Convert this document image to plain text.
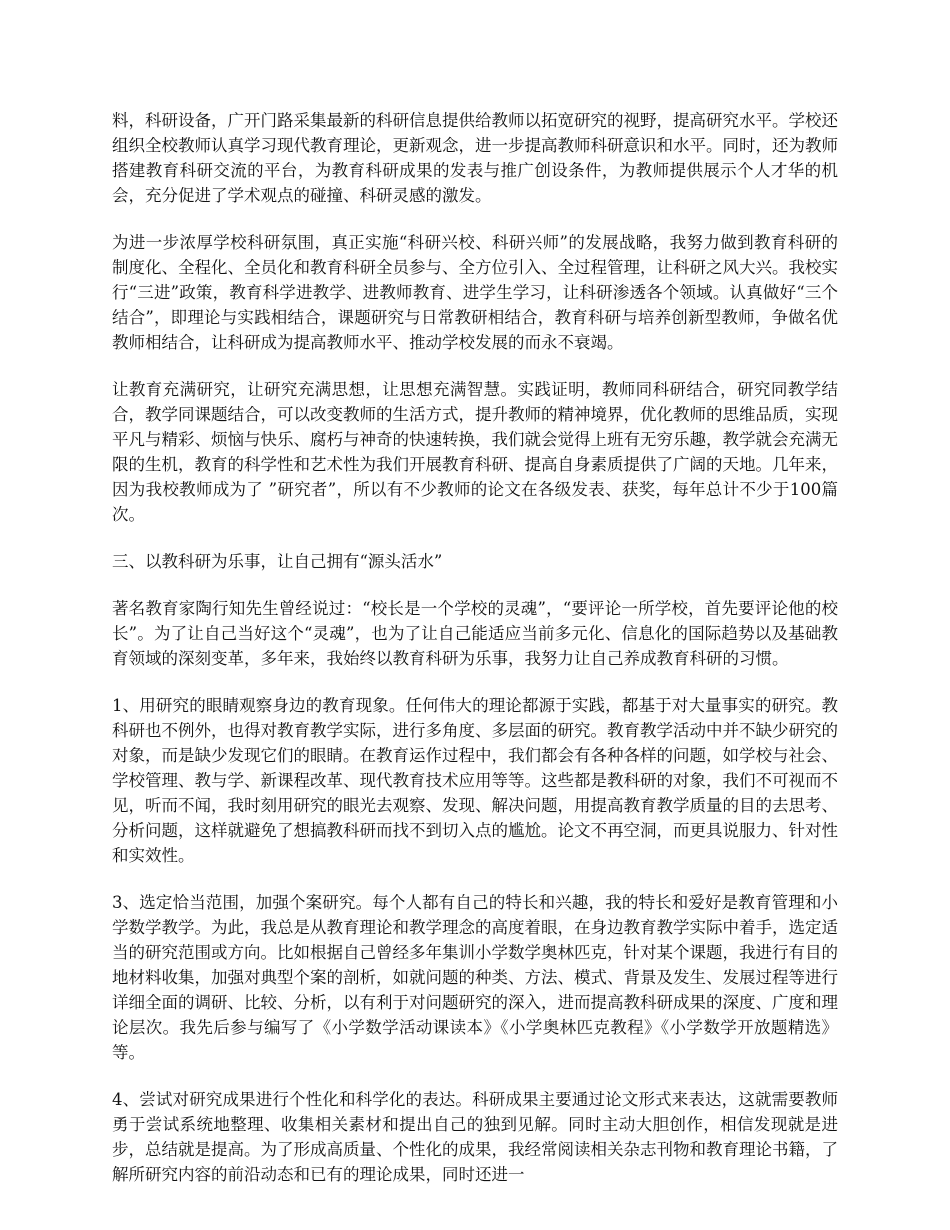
料，科研设备，广开门路采集最新的科研信息提供给教师以拓宽研究的视野，提高研究水平。学校还组织全校教师认真学习现代教育理论，更新观念，进一步提高教师科研意识和水平。同时，还为教师搭建教育科研交流的平台，为教育科研成果的发表与推广创设条件，为教师提供展示个人才华的机会，充分促进了学术观点的碰撞、科研灵感的激发。

为进一步浓厚学校科研氛围，真正实施“科研兴校、科研兴师”的发展战略，我努力做到教育科研的制度化、全程化、全员化和教育科研全员参与、全方位引入、全过程管理，让科研之风大兴。我校实行“三进”政策，教育科学进教学、进教师教育、进学生学习，让科研渗透各个领域。认真做好“三个结合”，即理论与实践相结合，课题研究与日常教研相结合，教育科研与培养创新型教师，争做名优教师相结合，让科研成为提高教师水平、推动学校发展的而永不衰竭。

让教育充满研究，让研究充满思想，让思想充满智慧。实践证明，教师同科研结合，研究同教学结合，教学同课题结合，可以改变教师的生活方式，提升教师的精神境界，优化教师的思维品质，实现平凡与精彩、烦恼与快乐、腐朽与神奇的快速转换，我们就会觉得上班有无穷乐趣，教学就会充满无限的生机，教育的科学性和艺术性为我们开展教育科研、提高自身素质提供了广阔的天地。几年来，因为我校教师成为了 ”研究者”，所以有不少教师的论文在各级发表、获奖，每年总计不少于100篇次。

三、以教科研为乐事，让自己拥有“源头活水”

著名教育家陶行知先生曾经说过：“校长是一个学校的灵魂”，“要评论一所学校，首先要评论他的校长”。为了让自己当好这个“灵魂”，也为了让自己能适应当前多元化、信息化的国际趋势以及基础教育领域的深刻变革，多年来，我始终以教育科研为乐事，我努力让自己养成教育科研的习惯。

1、用研究的眼睛观察身边的教育现象。任何伟大的理论都源于实践，都基于对大量事实的研究。教科研也不例外，也得对教育教学实际，进行多角度、多层面的研究。教育教学活动中并不缺少研究的对象，而是缺少发现它们的眼睛。在教育运作过程中，我们都会有各种各样的问题，如学校与社会、学校管理、教与学、新课程改革、现代教育技术应用等等。这些都是教科研的对象，我们不可视而不见，听而不闻，我时刻用研究的眼光去观察、发现、解决问题，用提高教育教学质量的目的去思考、分析问题，这样就避免了想搞教科研而找不到切入点的尴尬。论文不再空洞，而更具说服力、针对性和实效性。

3、选定恰当范围，加强个案研究。每个人都有自己的特长和兴趣，我的特长和爱好是教育管理和小学数学教学。为此，我总是从教育理论和教学理念的高度着眼，在身边教育教学实际中着手，选定适当的研究范围或方向。比如根据自己曾经多年集训小学数学奥林匹克，针对某个课题，我进行有目的地材料收集，加强对典型个案的剖析，如就问题的种类、方法、模式、背景及发生、发展过程等进行详细全面的调研、比较、分析，以有利于对问题研究的深入，进而提高教科研成果的深度、广度和理论层次。我先后参与编写了《小学数学活动课读本》《小学奥林匹克教程》《小学数学开放题精选》等。

4、尝试对研究成果进行个性化和科学化的表达。科研成果主要通过论文形式来表达，这就需要教师勇于尝试系统地整理、收集相关素材和提出自己的独到见解。同时主动大胆创作，相信发现就是进步，总结就是提高。为了形成高质量、个性化的成果，我经常阅读相关杂志刊物和教育理论书籍，了解所研究内容的前沿动态和已有的理论成果，同时还进一
